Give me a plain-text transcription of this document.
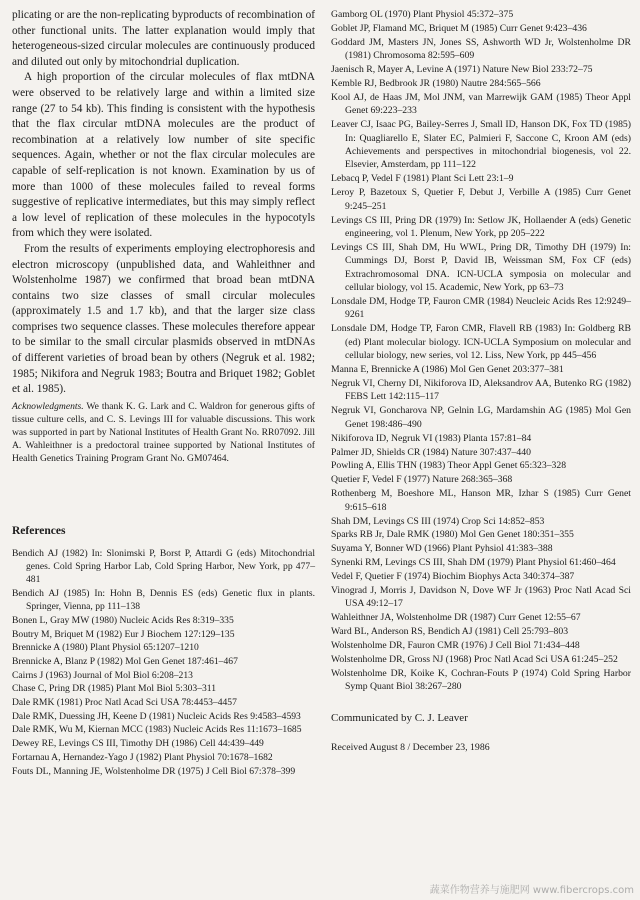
plicating or are the non-replicating byproducts of recombination of other functional units. The latter explanation would imply that heterogeneous-sized circular molecules are continuously produced and diluted out only by mitochondrial duplication.

A high proportion of the circular molecules of flax mtDNA were observed to be relatively large and within a limited size range (27 to 54 kb). This finding is consistent with the hypothesis that the flax circular mtDNA molecules are the product of recombination at a relatively low number of site specific sequences. Again, whether or not the flax circular molecules are capable of self-replication is not known. Examination by us of more than 1000 of these molecules failed to reveal forms suggestive of replicative intermediates, but this may simply reflect a low level of replication of these molecules in the hypocotyls from which they were isolated.

From the results of experiments employing electrophoresis and electron microscopy (unpublished data, and Wahleithner and Wolstenholme 1987) we confirmed that broad bean mtDNA contains two size classes of small circular molecules (approximately 1.5 and 1.7 kb), and that the larger size class comprises two sequence classes. These molecules therefore appear to be similar to the small circular plasmids observed in mtDNAs of different varieties of broad bean by others (Negruk et al. 1982; 1985; Nikifora and Negruk 1983; Boutra and Briquet 1982; Goblet et al. 1985).

Acknowledgments. We thank K. G. Lark and C. Waldron for generous gifts of tissue culture cells, and C. S. Levings III for valuable discussions. This work was supported in part by National Institutes of Health Grant No. RR07092. Jill A. Wahleithner is a predoctoral trainee supported by National Institutes of Health Genetics Training Program Grant No. GM07464.
References
Bendich AJ (1982) In: Slonimski P, Borst P, Attardi G (eds) Mitochondrial genes. Cold Spring Harbor Lab, Cold Spring Harbor, New York, pp 477–481
Bendich AJ (1985) In: Hohn B, Dennis ES (eds) Genetic flux in plants. Springer, Vienna, pp 111–138
Bonen L, Gray MW (1980) Nucleic Acids Res 8:319–335
Boutry M, Briquet M (1982) Eur J Biochem 127:129–135
Brennicke A (1980) Plant Physiol 65:1207–1210
Brennicke A, Blanz P (1982) Mol Gen Genet 187:461–467
Cairns J (1963) Journal of Mol Biol 6:208–213
Chase C, Pring DR (1985) Plant Mol Biol 5:303–311
Dale RMK (1981) Proc Natl Acad Sci USA 78:4453–4457
Dale RMK, Duessing JH, Keene D (1981) Nucleic Acids Res 9:4583–4593
Dale RMK, Wu M, Kiernan MCC (1983) Nucleic Acids Res 11:1673–1685
Dewey RE, Levings CS III, Timothy DH (1986) Cell 44:439–449
Fortarnau A, Hernandez-Yago J (1982) Plant Physiol 70:1678–1682
Fouts DL, Manning JE, Wolstenholme DR (1975) J Cell Biol 67:378–399
Gamborg OL (1970) Plant Physiol 45:372–375
Goblet JP, Flamand MC, Briquet M (1985) Curr Genet 9:423–436
Goddard JM, Masters JN, Jones SS, Ashworth WD Jr, Wolstenholme DR (1981) Chromosoma 82:595–609
Jaenisch R, Mayer A, Levine A (1971) Nature New Biol 233:72–75
Kemble RJ, Bedbrook JR (1980) Nautre 284:565–566
Kool AJ, de Haas JM, Mol JNM, van Marrewijk GAM (1985) Theor Appl Genet 69:223–233
Leaver CJ, Isaac PG, Bailey-Serres J, Small ID, Hanson DK, Fox TD (1985) In: Quagliarello E, Slater EC, Palmieri F, Saccone C, Kroon AM (eds) Achievements and perspectives in mitochondrial biogenesis, vol 22. Elsevier, Amsterdam, pp 111–122
Lebacq P, Vedel F (1981) Plant Sci Lett 23:1–9
Leroy P, Bazetoux S, Quetier F, Debut J, Verbille A (1985) Curr Genet 9:245–251
Levings CS III, Pring DR (1979) In: Setlow JK, Hollaender A (eds) Genetic engineering, vol 1. Plenum, New York, pp 205–222
Levings CS III, Shah DM, Hu WWL, Pring DR, Timothy DH (1979) In: Cummings DJ, Borst P, David IB, Weissman SM, Fox CF (eds) Extrachromosomal DNA. ICN-UCLA symposia on molecular and cellular biology, vol 15. Academic, New York, pp 63–73
Lonsdale DM, Hodge TP, Fauron CMR (1984) Neucleic Acids Res 12:9249–9261
Lonsdale DM, Hodge TP, Faron CMR, Flavell RB (1983) In: Goldberg RB (ed) Plant molecular biology. ICN-UCLA Symposium on molecular and cellular biology, new series, vol 12. Liss, New York, pp 445–456
Manna E, Brennicke A (1986) Mol Gen Genet 203:377–381
Negruk VI, Cherny DI, Nikiforova ID, Aleksandrov AA, Butenko RG (1982) FEBS Lett 142:115–117
Negruk VI, Goncharova NP, Gelnin LG, Mardamshin AG (1985) Mol Gen Genet 198:486–490
Nikiforova ID, Negruk VI (1983) Planta 157:81–84
Palmer JD, Shields CR (1984) Nature 307:437–440
Powling A, Ellis THN (1983) Theor Appl Genet 65:323–328
Quetier F, Vedel F (1977) Nature 268:365–368
Rothenberg M, Boeshore ML, Hanson MR, Izhar S (1985) Curr Genet 9:615–618
Shah DM, Levings CS III (1974) Crop Sci 14:852–853
Sparks RB Jr, Dale RMK (1980) Mol Gen Genet 180:351–355
Suyama Y, Bonner WD (1966) Plant Pyhsiol 41:383–388
Synenki RM, Levings CS III, Shah DM (1979) Plant Physiol 61:460–464
Vedel F, Quetier F (1974) Biochim Biophys Acta 340:374–387
Vinograd J, Morris J, Davidson N, Dove WF Jr (1963) Proc Natl Acad Sci USA 49:12–17
Wahleithner JA, Wolstenholme DR (1987) Curr Genet 12:55–67
Ward BL, Anderson RS, Bendich AJ (1981) Cell 25:793–803
Wolstenholme DR, Fauron CMR (1976) J Cell Biol 71:434–448
Wolstenholme DR, Gross NJ (1968) Proc Natl Acad Sci USA 61:245–252
Wolstenholme DR, Koike K, Cochran-Fouts P (1974) Cold Spring Harbor Symp Quant Biol 38:267–280
Communicated by C. J. Leaver
Received August 8 / December 23, 1986
蔬菜作物营养与施肥网 www.fibercrops.com
